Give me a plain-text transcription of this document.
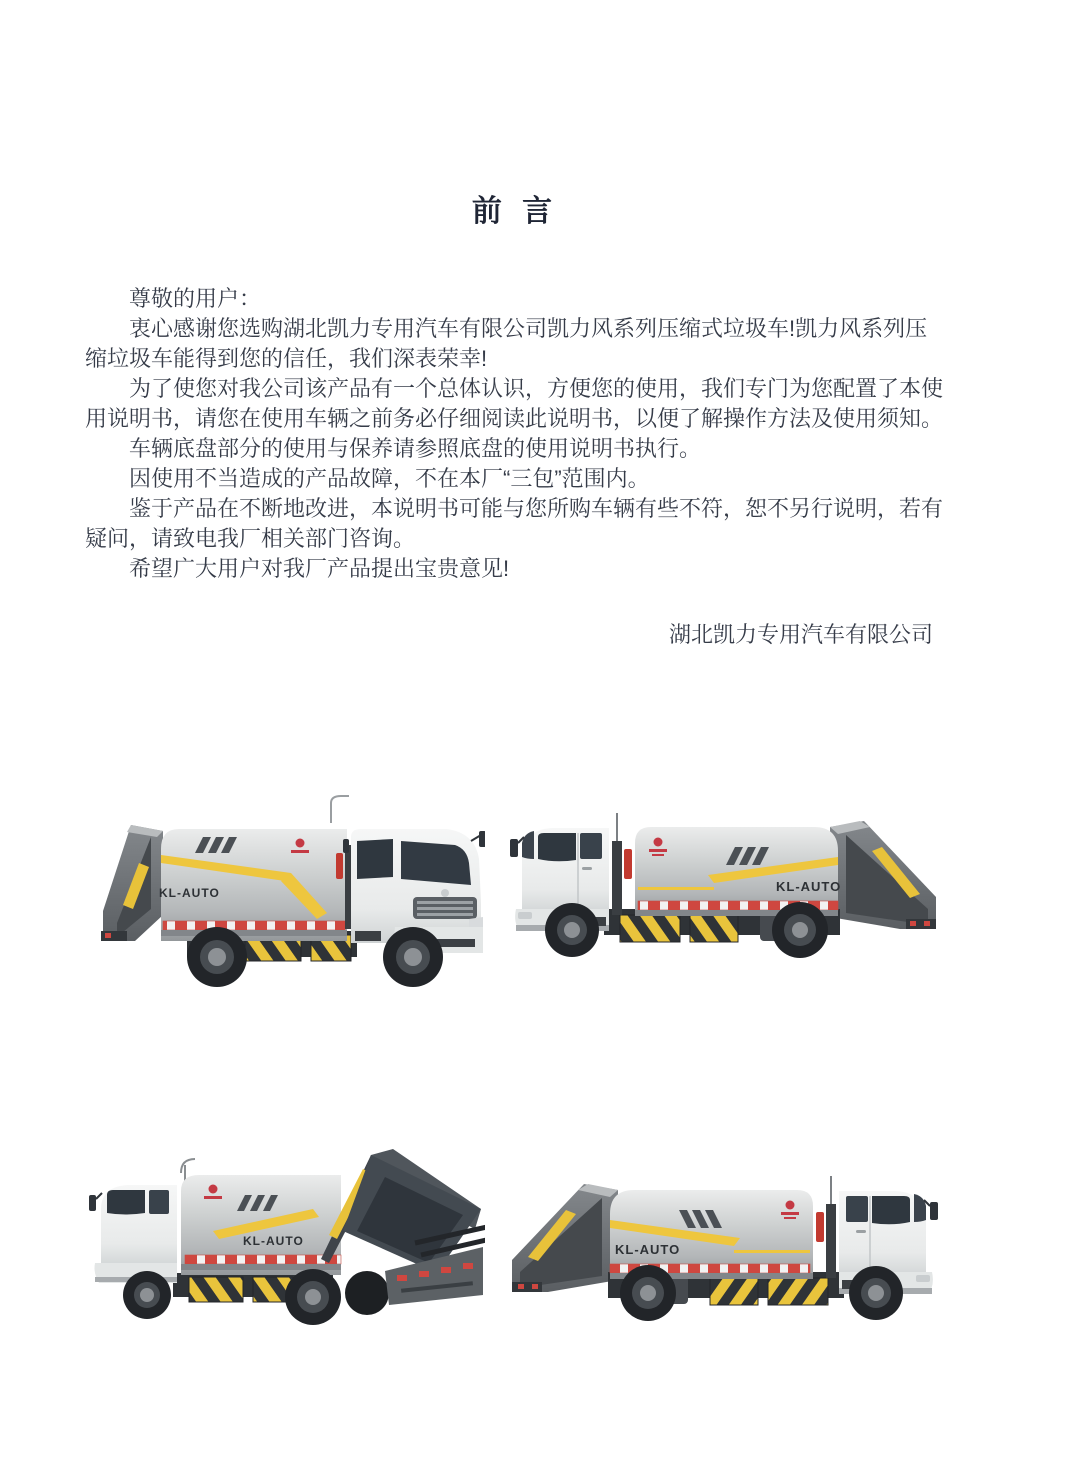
前 言

尊敬的用户：

衷心感谢您选购湖北凯力专用汽车有限公司凯力风系列压缩式垃圾车!凯力风系列压缩垃圾车能得到您的信任，我们深表荣幸!

为了使您对我公司该产品有一个总体认识，方便您的使用，我们专门为您配置了本使用说明书，请您在使用车辆之前务必仔细阅读此说明书，以便了解操作方法及使用须知。

车辆底盘部分的使用与保养请参照底盘的使用说明书执行。

因使用不当造成的产品故障，不在本厂“三包”范围内。

鉴于产品在不断地改进，本说明书可能与您所购车辆有些不符，恕不另行说明，若有疑问，请致电我厂相关部门咨询。

希望广大用户对我厂产品提出宝贵意见!

湖北凯力专用汽车有限公司
KL-AUTO	KL-AUTO
KL-AUTO
KL-AUTO
